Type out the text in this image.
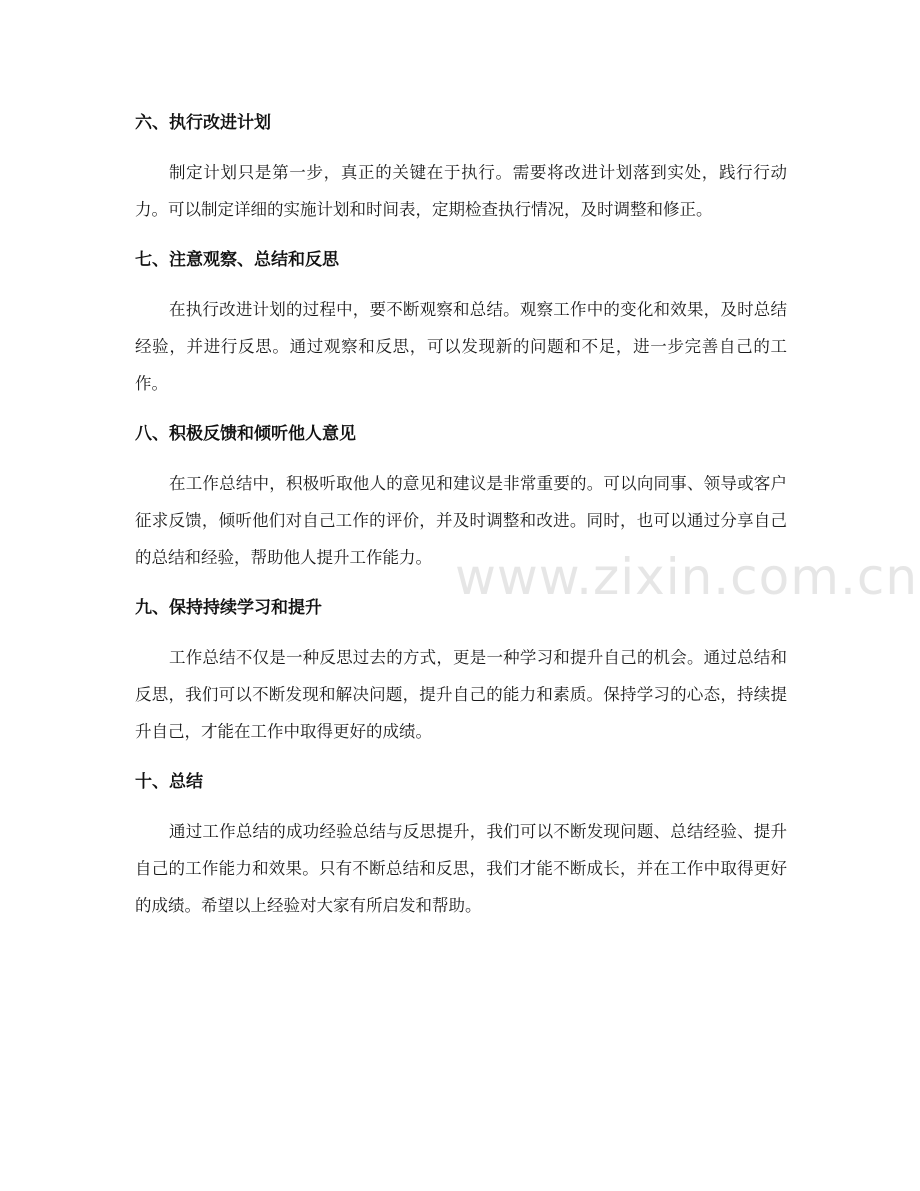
六、执行改进计划

制定计划只是第一步，真正的关键在于执行。需要将改进计划落到实处，践行行动力。可以制定详细的实施计划和时间表，定期检查执行情况，及时调整和修正。

七、注意观察、总结和反思

在执行改进计划的过程中，要不断观察和总结。观察工作中的变化和效果，及时总结经验，并进行反思。通过观察和反思，可以发现新的问题和不足，进一步完善自己的工作。

八、积极反馈和倾听他人意见

在工作总结中，积极听取他人的意见和建议是非常重要的。可以向同事、领导或客户征求反馈，倾听他们对自己工作的评价，并及时调整和改进。同时，也可以通过分享自己的总结和经验，帮助他人提升工作能力。

九、保持持续学习和提升

工作总结不仅是一种反思过去的方式，更是一种学习和提升自己的机会。通过总结和反思，我们可以不断发现和解决问题，提升自己的能力和素质。保持学习的心态，持续提升自己，才能在工作中取得更好的成绩。

十、总结

通过工作总结的成功经验总结与反思提升，我们可以不断发现问题、总结经验、提升自己的工作能力和效果。只有不断总结和反思，我们才能不断成长，并在工作中取得更好的成绩。希望以上经验对大家有所启发和帮助。

www.zixin.com.cn
